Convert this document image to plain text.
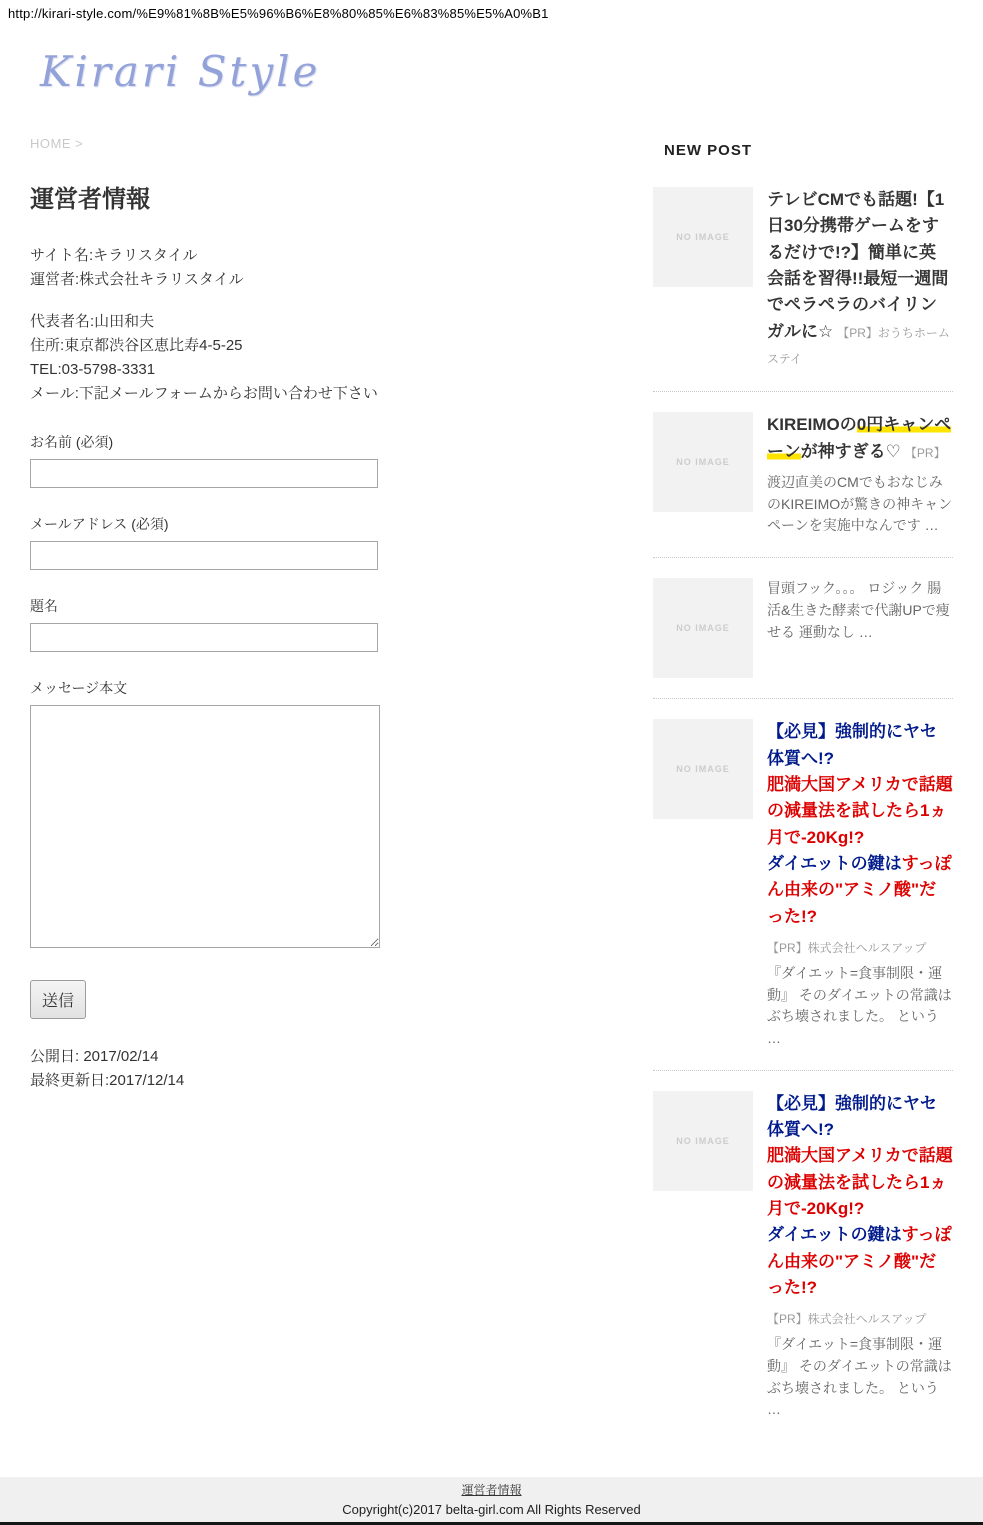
http://kirari-style.com/%E9%81%8B%E5%96%B6%E8%80%85%E6%83%85%E5%A0%B1
Kirari Style
HOME >
運営者情報

サイト名:キラリスタイル

運営者:株式会社キラリスタイル

代表者名:山田和夫

住所:東京都渋谷区恵比寿4-5-25

TEL:03-5798-3331

メール:下記メールフォームからお問い合わせ下さい

お名前 (必須)
メールアドレス (必須)
題名
メッセージ本文
送信

公開日: 2017/02/14

最終更新日:2017/12/14

NEW POST
NO IMAGE
テレビCMでも話題!【1日30分携帯ゲームをするだけで!?】簡単に英会話を習得!!最短一週間でペラペラのバイリンガルに☆ 【PR】おうちホームステイ
NO IMAGE
KIREIMOの0円キャンペーンが神すぎる♡ 【PR】
渡辺直美のCMでもおなじみのKIREIMOが驚きの神キャンペーンを実施中なんです …
NO IMAGE
冒頭フック。。。 ロジック 腸活&生きた酵素で代謝UPで痩せる 運動なし …
NO IMAGE
【必見】強制的にヤセ体質へ!?
肥満大国アメリカで話題の減量法を試したら1ヵ月で-20Kg!?
ダイエットの鍵はすっぽん由来の"アミノ酸"だった!?
【PR】株式会社ヘルスアップ
『ダイエット=食事制限・運動』 そのダイエットの常識はぶち壊されました。 という …
NO IMAGE
【必見】強制的にヤセ体質へ!?
肥満大国アメリカで話題の減量法を試したら1ヵ月で-20Kg!?
ダイエットの鍵はすっぽん由来の"アミノ酸"だった!?
【PR】株式会社ヘルスアップ
『ダイエット=食事制限・運動』 そのダイエットの常識はぶち壊されました。 という …
運営者情報
Copyright(c)2017 belta-girl.com All Rights Reserved
